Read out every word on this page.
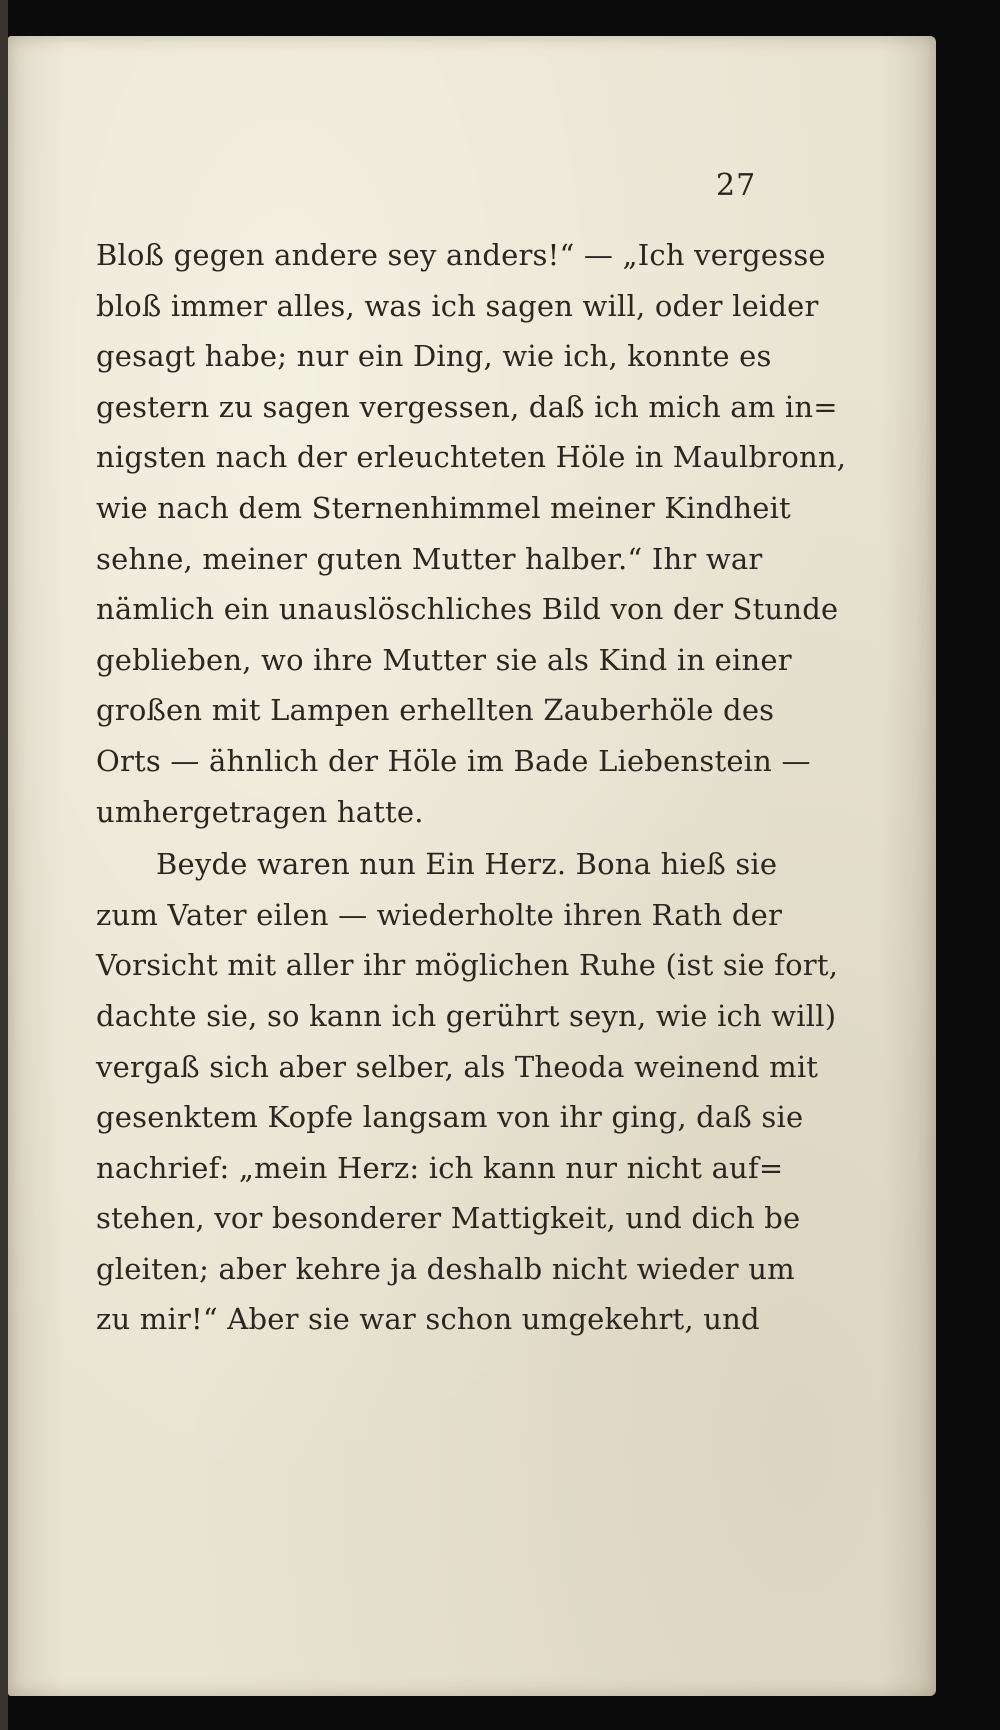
27
Bloß gegen andere sey anders!“ — „Ich vergesse
bloß immer alles, was ich sagen will, oder leider
gesagt habe; nur ein Ding, wie ich, konnte es
gestern zu sagen vergessen, daß ich mich am in=
nigsten nach der erleuchteten Höle in Maulbronn,
wie nach dem Sternenhimmel meiner Kindheit
sehne, meiner guten Mutter halber.“ Ihr war
nämlich ein unauslöschliches Bild von der Stunde
geblieben, wo ihre Mutter sie als Kind in einer
großen mit Lampen erhellten Zauberhöle des
Orts — ähnlich der Höle im Bade Liebenstein —
umhergetragen hatte.
Beyde waren nun Ein Herz. Bona hieß sie
zum Vater eilen — wiederholte ihren Rath der
Vorsicht mit aller ihr möglichen Ruhe (ist sie fort,
dachte sie, so kann ich gerührt seyn, wie ich will)
vergaß sich aber selber, als Theoda weinend mit
gesenktem Kopfe langsam von ihr ging, daß sie
nachrief: „mein Herz: ich kann nur nicht auf=
stehen, vor besonderer Mattigkeit, und dich be
gleiten; aber kehre ja deshalb nicht wieder um
zu mir!“ Aber sie war schon umgekehrt, und
